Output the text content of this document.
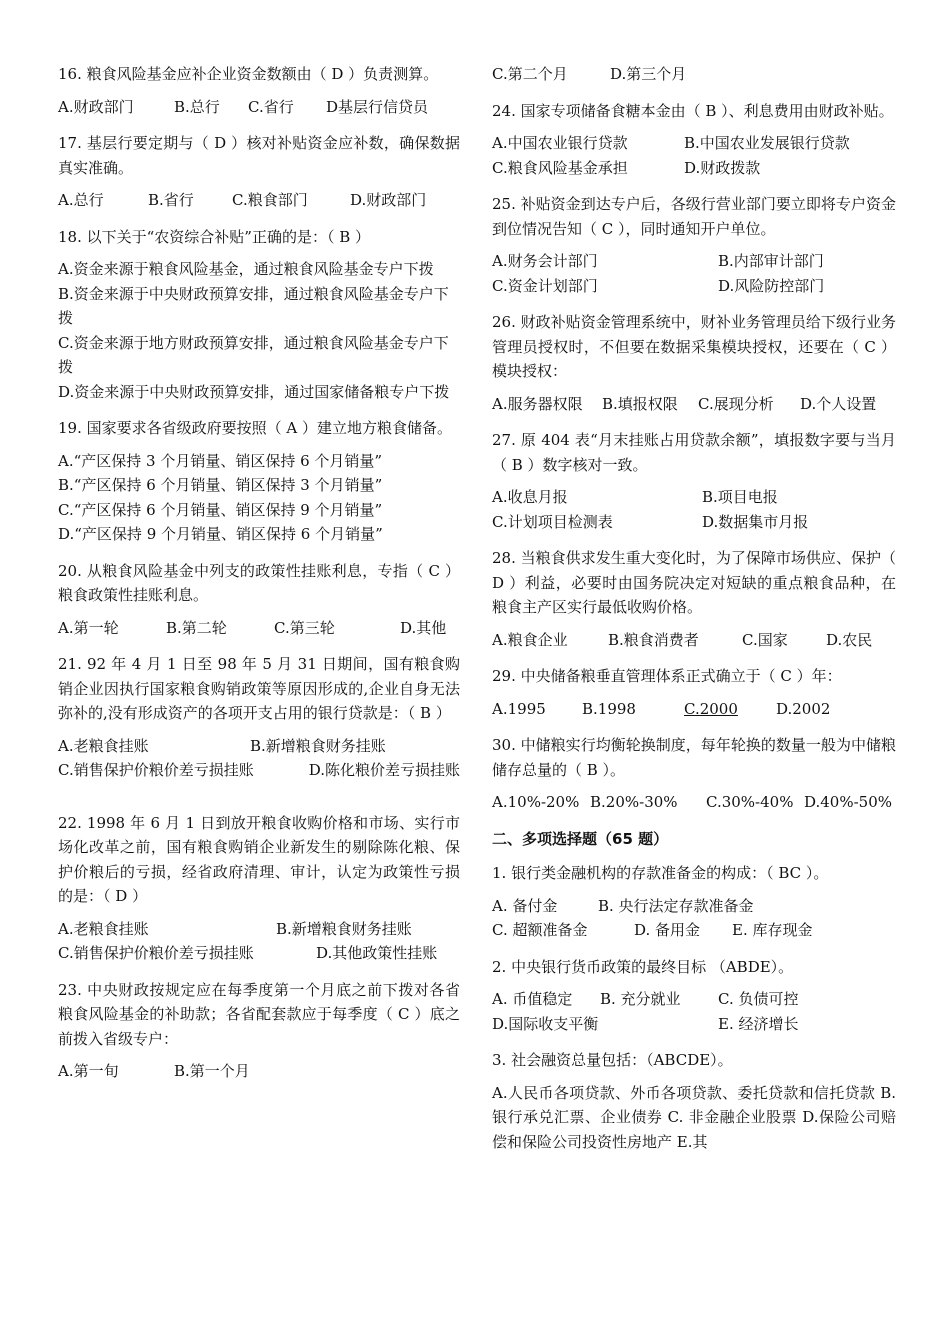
16. 粮食风险基金应补企业资金数额由（ D ）负责测算。

A.财政部门	B.总行	C.省行	D基层行信贷员

17. 基层行要定期与（ D ）核对补贴资金应补数，确保数据真实准确。

A.总行	B.省行	C.粮食部门	D.财政部门

18. 以下关于“农资综合补贴”正确的是：（ B ）

A.资金来源于粮食风险基金，通过粮食风险基金专户下拨
B.资金来源于中央财政预算安排，通过粮食风险基金专户下拨
C.资金来源于地方财政预算安排，通过粮食风险基金专户下拨
D.资金来源于中央财政预算安排，通过国家储备粮专户下拨

19. 国家要求各省级政府要按照（ A ）建立地方粮食储备。

A.“产区保持 3 个月销量、销区保持 6 个月销量”
B.“产区保持 6 个月销量、销区保持 3 个月销量”
C.“产区保持 6 个月销量、销区保持 9 个月销量”
D.“产区保持 9 个月销量、销区保持 6 个月销量”

20. 从粮食风险基金中列支的政策性挂账利息，专指（ C ）粮食政策性挂账利息。

A.第一轮	B.第二轮	C.第三轮	D.其他

21. 92 年 4 月 1 日至 98 年 5 月 31 日期间，国有粮食购销企业因执行国家粮食购销政策等原因形成的,企业自身无法弥补的,没有形成资产的各项开支占用的银行贷款是：（ B ）

A.老粮食挂账	B.新增粮食财务挂账
C.销售保护价粮价差亏损挂账	D.陈化粮价差亏损挂账

22. 1998 年 6 月 1 日到放开粮食收购价格和市场、实行市场化改革之前，国有粮食购销企业新发生的剔除陈化粮、保护价粮后的亏损，经省政府清理、审计，认定为政策性亏损的是：（ D ）

A.老粮食挂账	B.新增粮食财务挂账
C.销售保护价粮价差亏损挂账	D.其他政策性挂账

23. 中央财政按规定应在每季度第一个月底之前下拨对各省粮食风险基金的补助款；各省配套款应于每季度（ C ）底之前拨入省级专户：

A.第一旬	B.第一个月
C.第二个月	D.第三个月

24. 国家专项储备食糖本金由（ B ）、利息费用由财政补贴。

A.中国农业银行贷款	B.中国农业发展银行贷款
C.粮食风险基金承担	D.财政拨款

25. 补贴资金到达专户后，各级行营业部门要立即将专户资金到位情况告知（ C ），同时通知开户单位。

A.财务会计部门	B.内部审计部门
C.资金计划部门	D.风险防控部门

26. 财政补贴资金管理系统中，财补业务管理员给下级行业务管理员授权时，不但要在数据采集模块授权，还要在（ C ）模块授权：

A.服务器权限	B.填报权限	C.展现分析	D.个人设置

27. 原 404 表“月末挂账占用贷款余额”，填报数字要与当月（ B ）数字核对一致。

A.收息月报	B.项目电报
C.计划项目检测表	D.数据集市月报

28. 当粮食供求发生重大变化时，为了保障市场供应、保护（ D ）利益，必要时由国务院决定对短缺的重点粮食品种，在粮食主产区实行最低收购价格。

A.粮食企业	B.粮食消费者	C.国家	D.农民

29. 中央储备粮垂直管理体系正式确立于（ C ）年：

A.1995	B.1998	C.2000	D.2002

30. 中储粮实行均衡轮换制度，每年轮换的数量一般为中储粮储存总量的（ B ）。

A.10%-20% B.20%-30%	C.30%-40% D.40%-50%
二、多项选择题（65 题）

1. 银行类金融机构的存款准备金的构成：（ BC ）。

A. 备付金	B. 央行法定存款准备金
C. 超额准备金	D. 备用金	E. 库存现金

2. 中央银行货币政策的最终目标 （ABDE）。

A. 币值稳定	B. 充分就业	C. 负债可控
D.国际收支平衡	E. 经济增长

3. 社会融资总量包括：（ABCDE）。

A.人民币各项贷款、外币各项贷款、委托贷款和信托贷款 B. 银行承兑汇票、企业债券 C. 非金融企业股票 D.保险公司赔偿和保险公司投资性房地产 E.其
